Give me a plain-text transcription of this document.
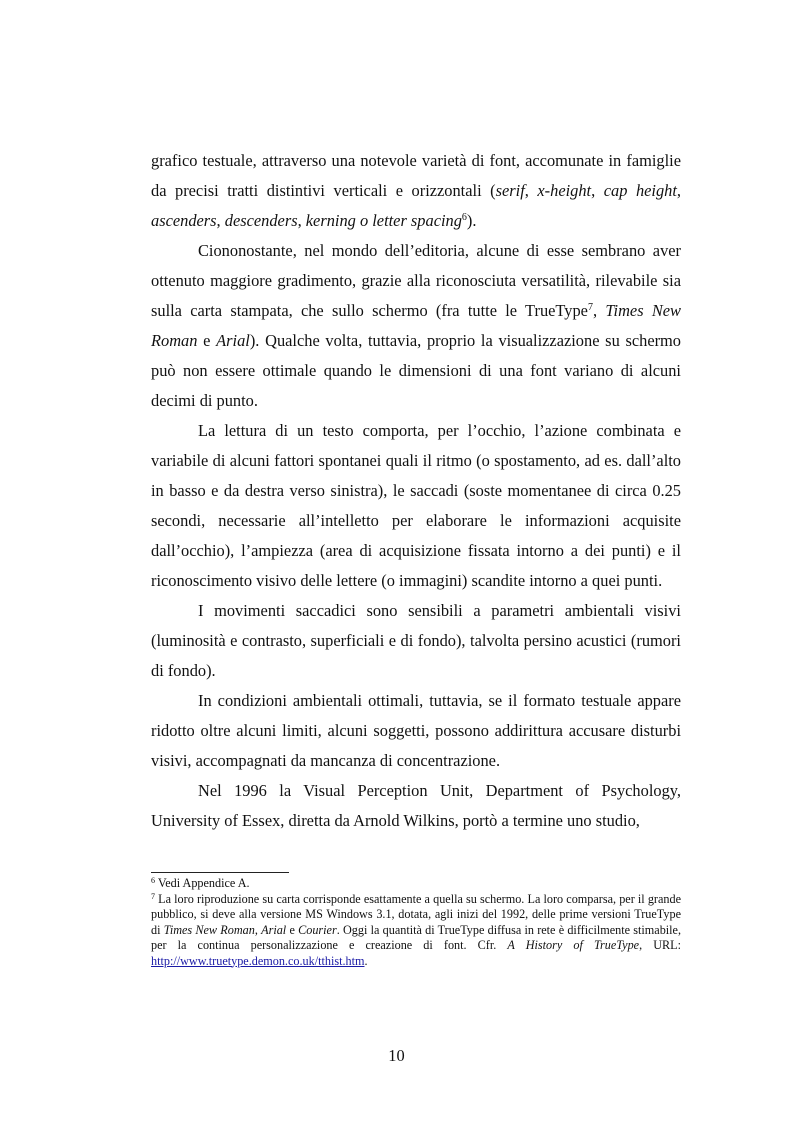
grafico testuale, attraverso una notevole varietà di font, accomunate in famiglie da precisi tratti distintivi verticali e orizzontali (serif, x-height, cap height, ascenders, descenders, kerning o letter spacing$^6$).

Ciononostante, nel mondo dell’editoria, alcune di esse sembrano aver ottenuto maggiore gradimento, grazie alla riconosciuta versatilità, rilevabile sia sulla carta stampata, che sullo schermo (fra tutte le TrueType$^7$, Times New Roman e Arial). Qualche volta, tuttavia, proprio la visualizzazione su schermo può non essere ottimale quando le dimensioni di una font variano di alcuni decimi di punto.

La lettura di un testo comporta, per l’occhio, l’azione combinata e variabile di alcuni fattori spontanei quali il ritmo (o spostamento, ad es. dall’alto in basso e da destra verso sinistra), le saccadi (soste momentanee di circa 0.25 secondi, necessarie all’intelletto per elaborare le informazioni acquisite dall’occhio), l’ampiezza (area di acquisizione fissata intorno a dei punti) e il riconoscimento visivo delle lettere (o immagini) scandite intorno a quei punti.

I movimenti saccadici sono sensibili a parametri ambientali visivi (luminosità e contrasto, superficiali e di fondo), talvolta persino acustici (rumori di fondo).

In condizioni ambientali ottimali, tuttavia, se il formato testuale appare ridotto oltre alcuni limiti, alcuni soggetti, possono addirittura accusare disturbi visivi, accompagnati da mancanza di concentrazione.

Nel 1996 la Visual Perception Unit, Department of Psychology, University of Essex, diretta da Arnold Wilkins, portò a termine uno studio,

$^6$ Vedi Appendice A.

$^7$ La loro riproduzione su carta corrisponde esattamente a quella su schermo. La loro comparsa, per il grande pubblico, si deve alla versione MS Windows 3.1, dotata, agli inizi del 1992, delle prime versioni TrueType di Times New Roman, Arial e Courier. Oggi la quantità di TrueType diffusa in rete è difficilmente stimabile, per la continua personalizzazione e creazione di font. Cfr. A History of TrueType, URL: http://www.truetype.demon.co.uk/tthist.htm.

10
